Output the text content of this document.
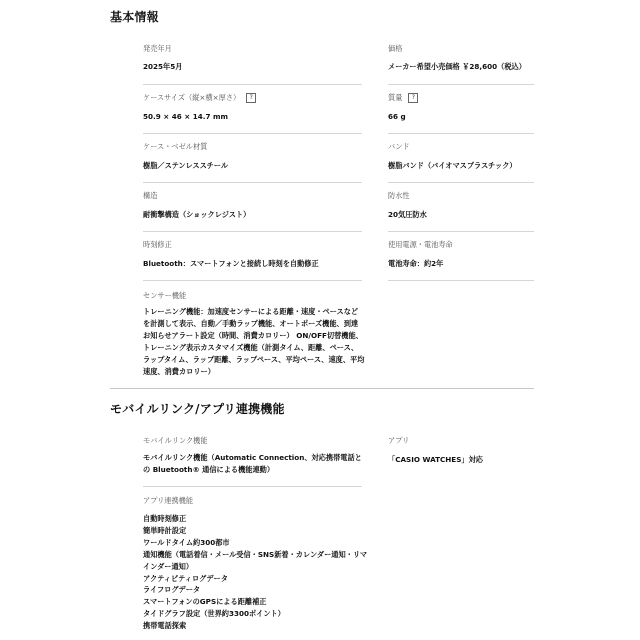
基本情報
発売年月
2025年5月
価格
メーカー希望小売価格 ￥28,600（税込）
ケースサイズ（縦×横×厚さ） ?
50.9 × 46 × 14.7 mm
質量 ?
66 g
ケース・ベゼル材質
樹脂／ステンレススチール
バンド
樹脂バンド（バイオマスプラスチック）
構造
耐衝撃構造（ショックレジスト）
防水性
20気圧防水
時刻修正
Bluetooth：スマートフォンと接続し時刻を自動修正
使用電源・電池寿命
電池寿命：約2年
センサー機能
トレーニング機能：加速度センサーによる距離・速度・ペースなどを計測して表示、自動／手動ラップ機能、オートポーズ機能、到達お知らせアラート設定（時間、消費カロリー） ON/OFF切替機能、トレーニング表示カスタマイズ機能（計測タイム、距離、ペース、ラップタイム、ラップ距離、ラップペース、平均ペース、速度、平均速度、消費カロリー）
モバイルリンク/アプリ連携機能
モバイルリンク機能
モバイルリンク機能（Automatic Connection、対応携帯電話との Bluetooth® 通信による機能連動）
アプリ
「CASIO WATCHES」対応
アプリ連携機能
自動時刻修正
簡単時計設定
ワールドタイム約300都市
通知機能（電話着信・メール受信・SNS新着・カレンダー通知・リマインダー通知）
アクティビティログデータ
ライフログデータ
スマートフォンのGPSによる距離補正
タイドグラフ設定（世界約3300ポイント）
携帯電話探索
